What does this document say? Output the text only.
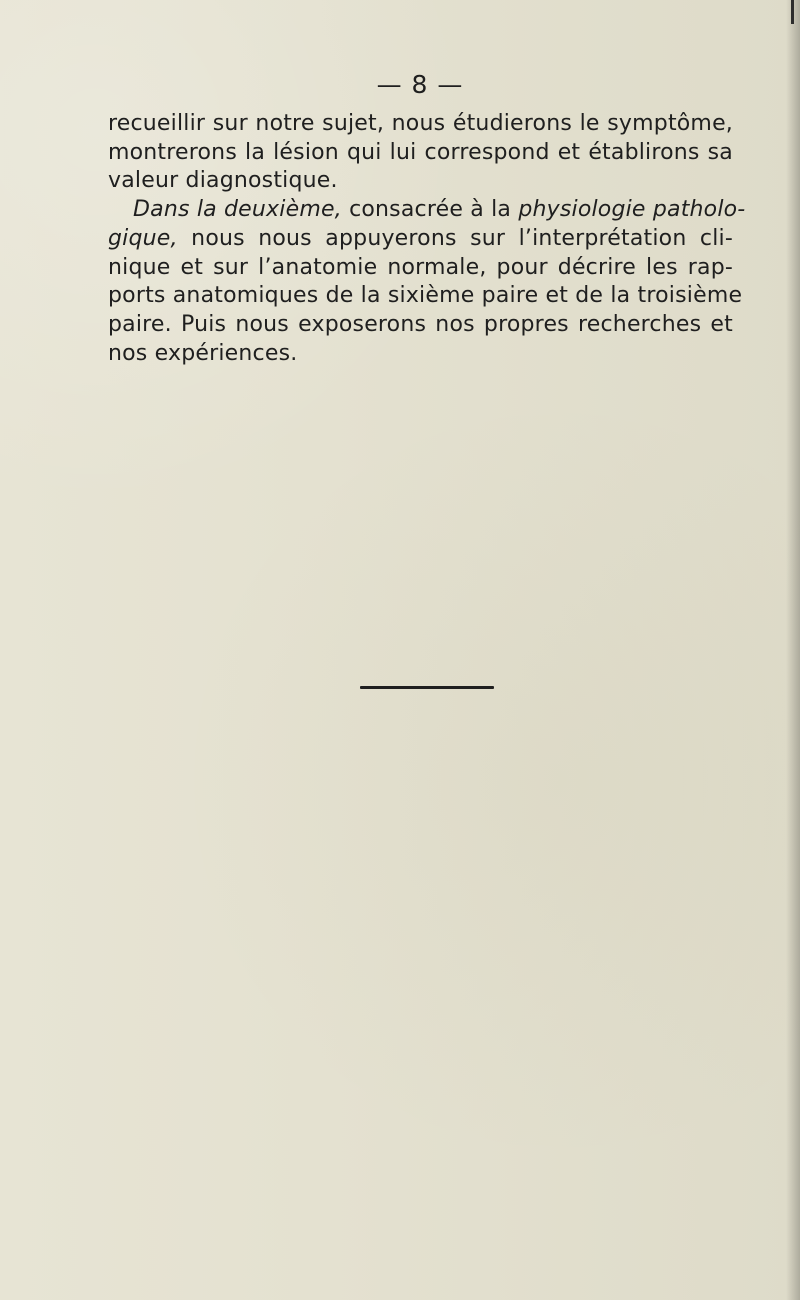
— 8 —
recueillir sur notre sujet, nous étudierons le symptôme,
montrerons la lésion qui lui correspond et établirons sa
valeur diagnostique.
Dans la deuxième, consacrée à la physiologie patholo-
gique, nous nous appuyerons sur l’interprétation cli-
nique et sur l’anatomie normale, pour décrire les rap-
ports anatomiques de la sixième paire et de la troisième
paire. Puis nous exposerons nos propres recherches et
nos expériences.
